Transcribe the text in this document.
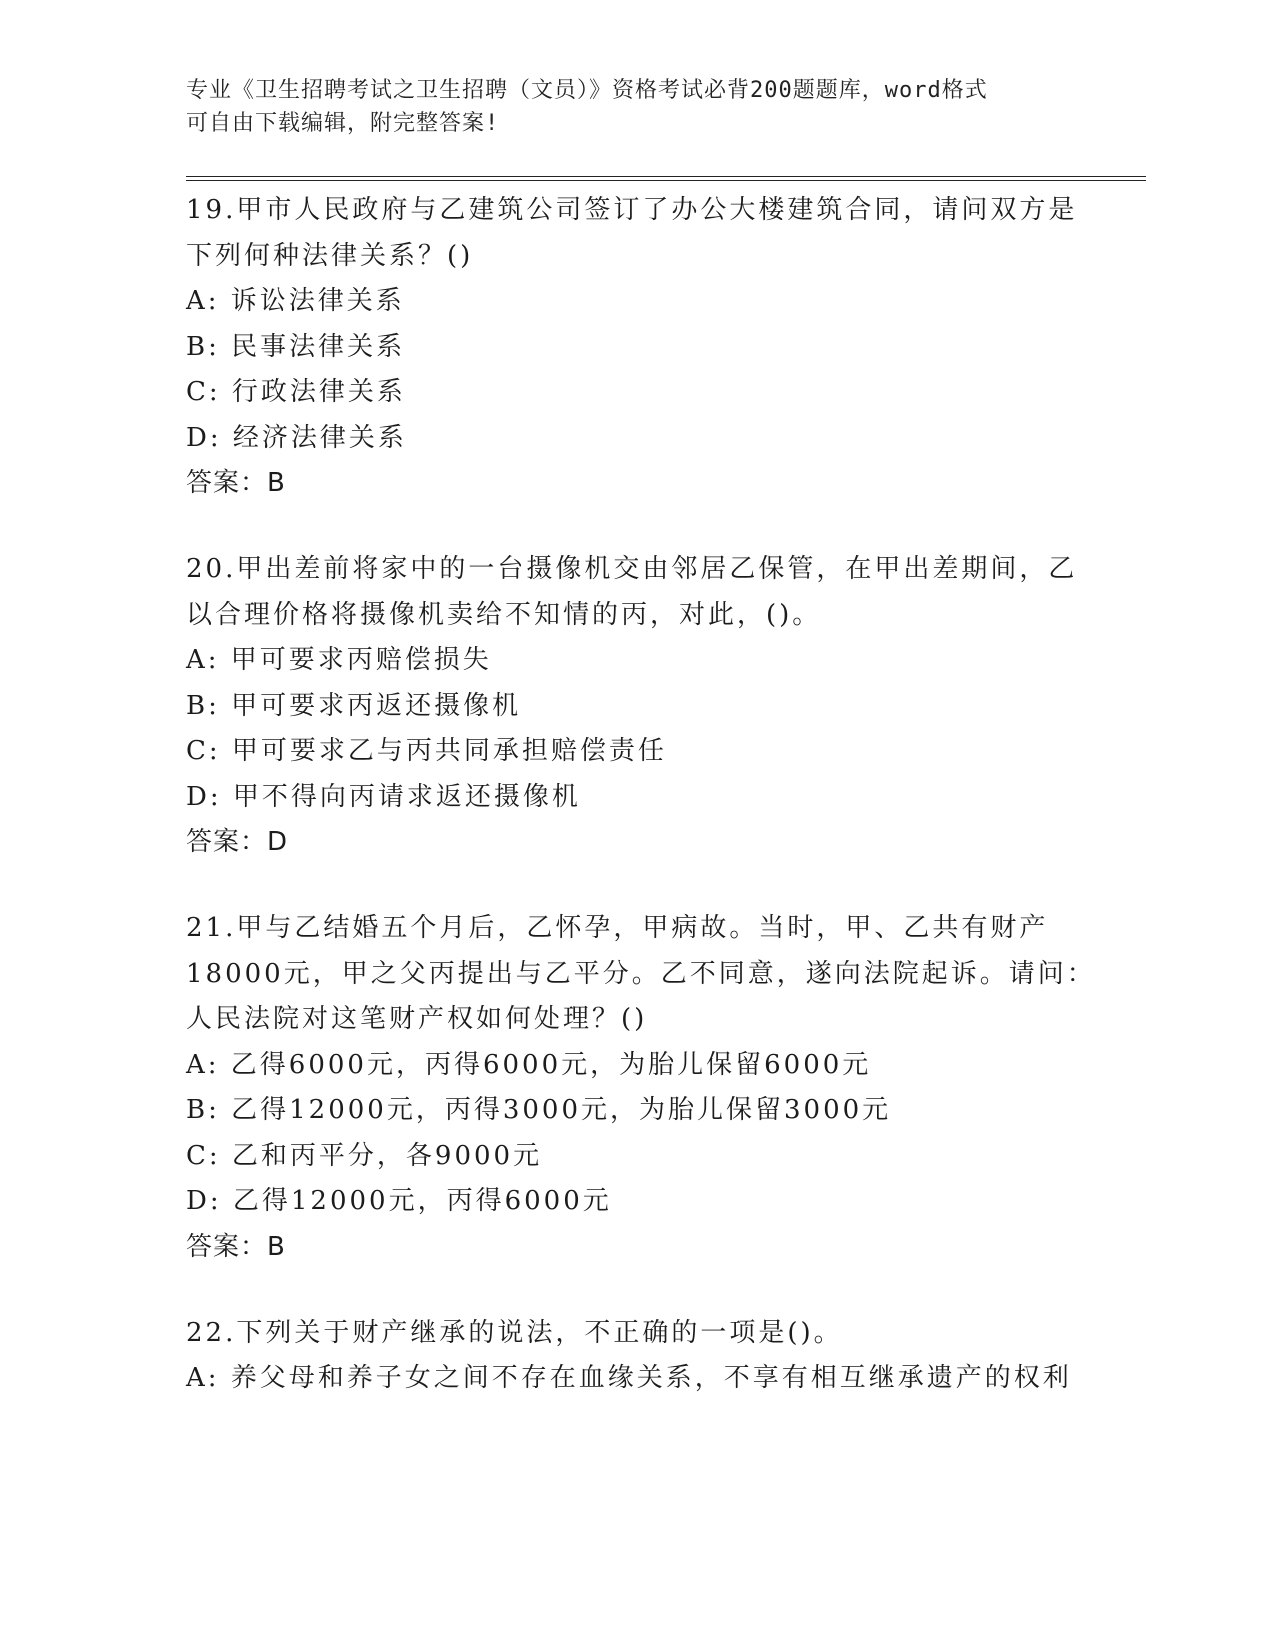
专业《卫生招聘考试之卫生招聘（文员）》资格考试必背200题题库，word格式
可自由下载编辑，附完整答案!
19.甲市人民政府与乙建筑公司签订了办公大楼建筑合同，请问双方是
下列何种法律关系？()
A: 诉讼法律关系
B: 民事法律关系
C: 行政法律关系
D: 经济法律关系
答案：B
20.甲出差前将家中的一台摄像机交由邻居乙保管，在甲出差期间，乙
以合理价格将摄像机卖给不知情的丙，对此，()。
A: 甲可要求丙赔偿损失
B: 甲可要求丙返还摄像机
C: 甲可要求乙与丙共同承担赔偿责任
D: 甲不得向丙请求返还摄像机
答案：D
21.甲与乙结婚五个月后，乙怀孕，甲病故。当时，甲、乙共有财产
18000元，甲之父丙提出与乙平分。乙不同意，遂向法院起诉。请问：
人民法院对这笔财产权如何处理？()
A: 乙得6000元，丙得6000元，为胎儿保留6000元
B: 乙得12000元，丙得3000元，为胎儿保留3000元
C: 乙和丙平分，各9000元
D: 乙得12000元，丙得6000元
答案：B
22.下列关于财产继承的说法，不正确的一项是()。
A: 养父母和养子女之间不存在血缘关系，不享有相互继承遗产的权利
